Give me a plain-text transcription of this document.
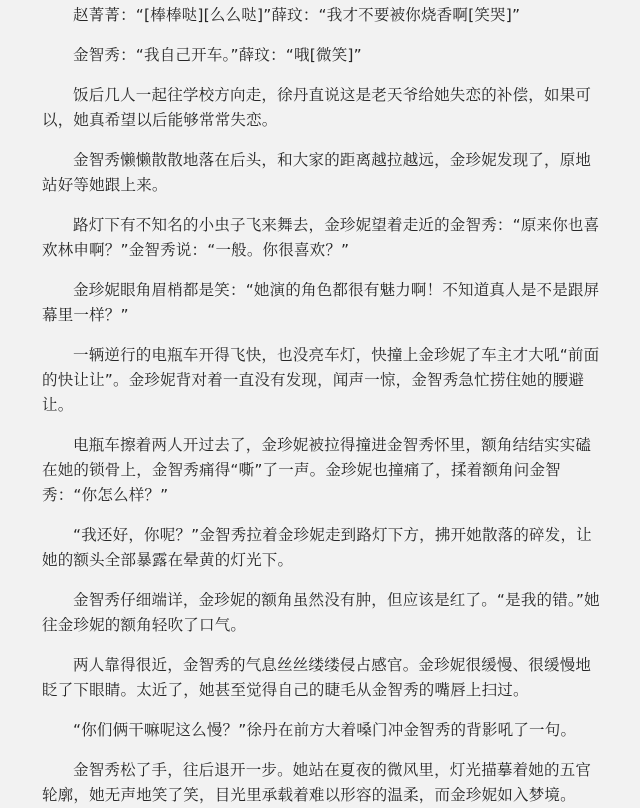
赵菁菁：“[棒棒哒][么么哒]”薛玟：“我才不要被你烧香啊[笑哭]”

金智秀：“我自己开车。”薛玟：“哦[微笑]”

饭后几人一起往学校方向走，徐丹直说这是老天爷给她失恋的补偿，如果可以，她真希望以后能够常常失恋。

金智秀懒懒散散地落在后头，和大家的距离越拉越远，金珍妮发现了，原地站好等她跟上来。

路灯下有不知名的小虫子飞来舞去，金珍妮望着走近的金智秀：“原来你也喜欢林申啊？”金智秀说：“一般。你很喜欢？”

金珍妮眼角眉梢都是笑：“她演的角色都很有魅力啊！不知道真人是不是跟屏幕里一样？”

一辆逆行的电瓶车开得飞快，也没亮车灯，快撞上金珍妮了车主才大吼“前面的快让让”。金珍妮背对着一直没有发现，闻声一惊，金智秀急忙捞住她的腰避让。

电瓶车擦着两人开过去了，金珍妮被拉得撞进金智秀怀里，额角结结实实磕在她的锁骨上，金智秀痛得“嘶”了一声。金珍妮也撞痛了，揉着额角问金智秀：“你怎么样？”

“我还好，你呢？”金智秀拉着金珍妮走到路灯下方，拂开她散落的碎发，让她的额头全部暴露在晕黄的灯光下。

金智秀仔细端详，金珍妮的额角虽然没有肿，但应该是红了。“是我的错。”她往金珍妮的额角轻吹了口气。

两人靠得很近，金智秀的气息丝丝缕缕侵占感官。金珍妮很缓慢、很缓慢地眨了下眼睛。太近了，她甚至觉得自己的睫毛从金智秀的嘴唇上扫过。

“你们俩干嘛呢这么慢？”徐丹在前方大着嗓门冲金智秀的背影吼了一句。

金智秀松了手，往后退开一步。她站在夏夜的微风里，灯光描摹着她的五官轮廓，她无声地笑了笑，目光里承载着难以形容的温柔，而金珍妮如入梦境。
